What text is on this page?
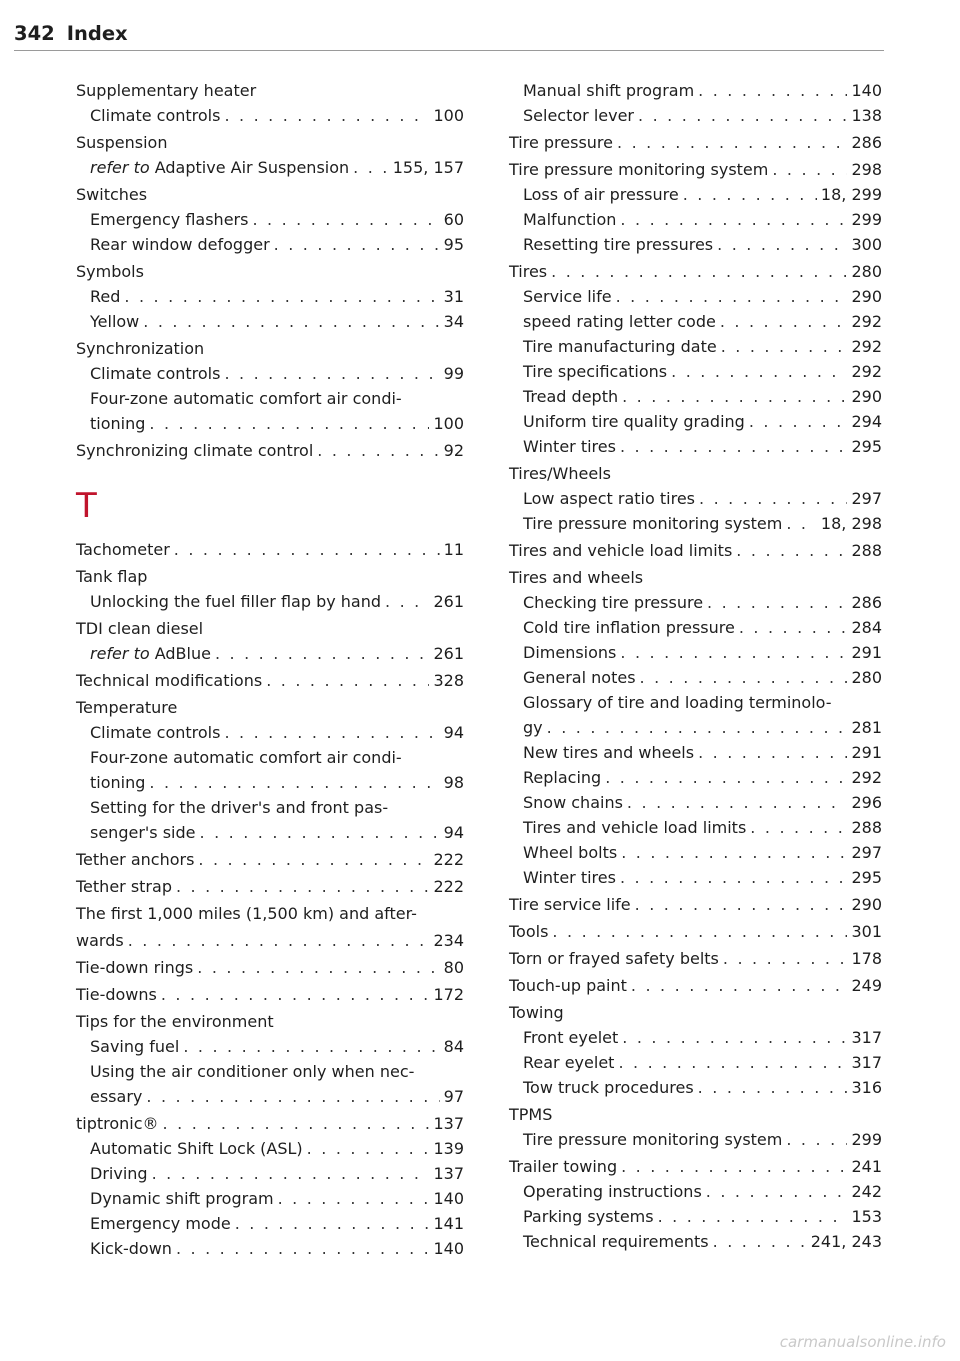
342 Index
Supplementary heater
Climate controls . . .	100
Suspension
refer to Adaptive Air Suspension . . .	155, 157
Switches
Emergency flashers . . .	60
Rear window defogger . . .	95
Symbols
Red . . .	31
Yellow . . .	34
Synchronization
Climate controls . . .	99
Four-zone automatic comfort air condi-
tioning . . .	100
Synchronizing climate control . . .	92
T
Tachometer . . .	11
Tank flap
Unlocking the fuel filler flap by hand . . .	261
TDI clean diesel
refer to AdBlue . . .	261
Technical modifications . . .	328
Temperature
Climate controls . . .	94
Four-zone automatic comfort air condi-
tioning . . .	98
Setting for the driver's and front pas-
senger's side . . .	94
Tether anchors . . .	222
Tether strap . . .	222
The first 1,000 miles (1,500 km) and after-
wards . . .	234
Tie-down rings . . .	80
Tie-downs . . .	172
Tips for the environment
Saving fuel . . .	84
Using the air conditioner only when nec-
essary . . .	97
tiptronic® . . .	137
Automatic Shift Lock (ASL) . . .	139
Driving . . .	137
Dynamic shift program . . .	140
Emergency mode . . .	141
Kick-down . . .	140
Manual shift program . . .	140
Selector lever . . .	138
Tire pressure . . .	286
Tire pressure monitoring system . . .	298
Loss of air pressure . . .	18, 299
Malfunction . . .	299
Resetting tire pressures . . .	300
Tires . . .	280
Service life . . .	290
speed rating letter code . . .	292
Tire manufacturing date . . .	292
Tire specifications . . .	292
Tread depth . . .	290
Uniform tire quality grading . . .	294
Winter tires . . .	295
Tires/Wheels
Low aspect ratio tires . . .	297
Tire pressure monitoring system . . . 18, 298
Tires and vehicle load limits . . .	288
Tires and wheels
Checking tire pressure . . .	286
Cold tire inflation pressure . . .	284
Dimensions . . .	291
General notes . . .	280
Glossary of tire and loading terminolo-
gy . . .	281
New tires and wheels . . .	291
Replacing . . .	292
Snow chains . . .	296
Tires and vehicle load limits . . .	288
Wheel bolts . . .	297
Winter tires . . .	295
Tire service life . . .	290
Tools . . .	301
Torn or frayed safety belts . . .	178
Touch-up paint . . .	249
Towing
Front eyelet . . .	317
Rear eyelet . . .	317
Tow truck procedures . . .	316
TPMS
Tire pressure monitoring system . . .	299
Trailer towing . . .	241
Operating instructions . . .	242
Parking systems . . .	153
Technical requirements . . .	241, 243
carmanualsonline.info
